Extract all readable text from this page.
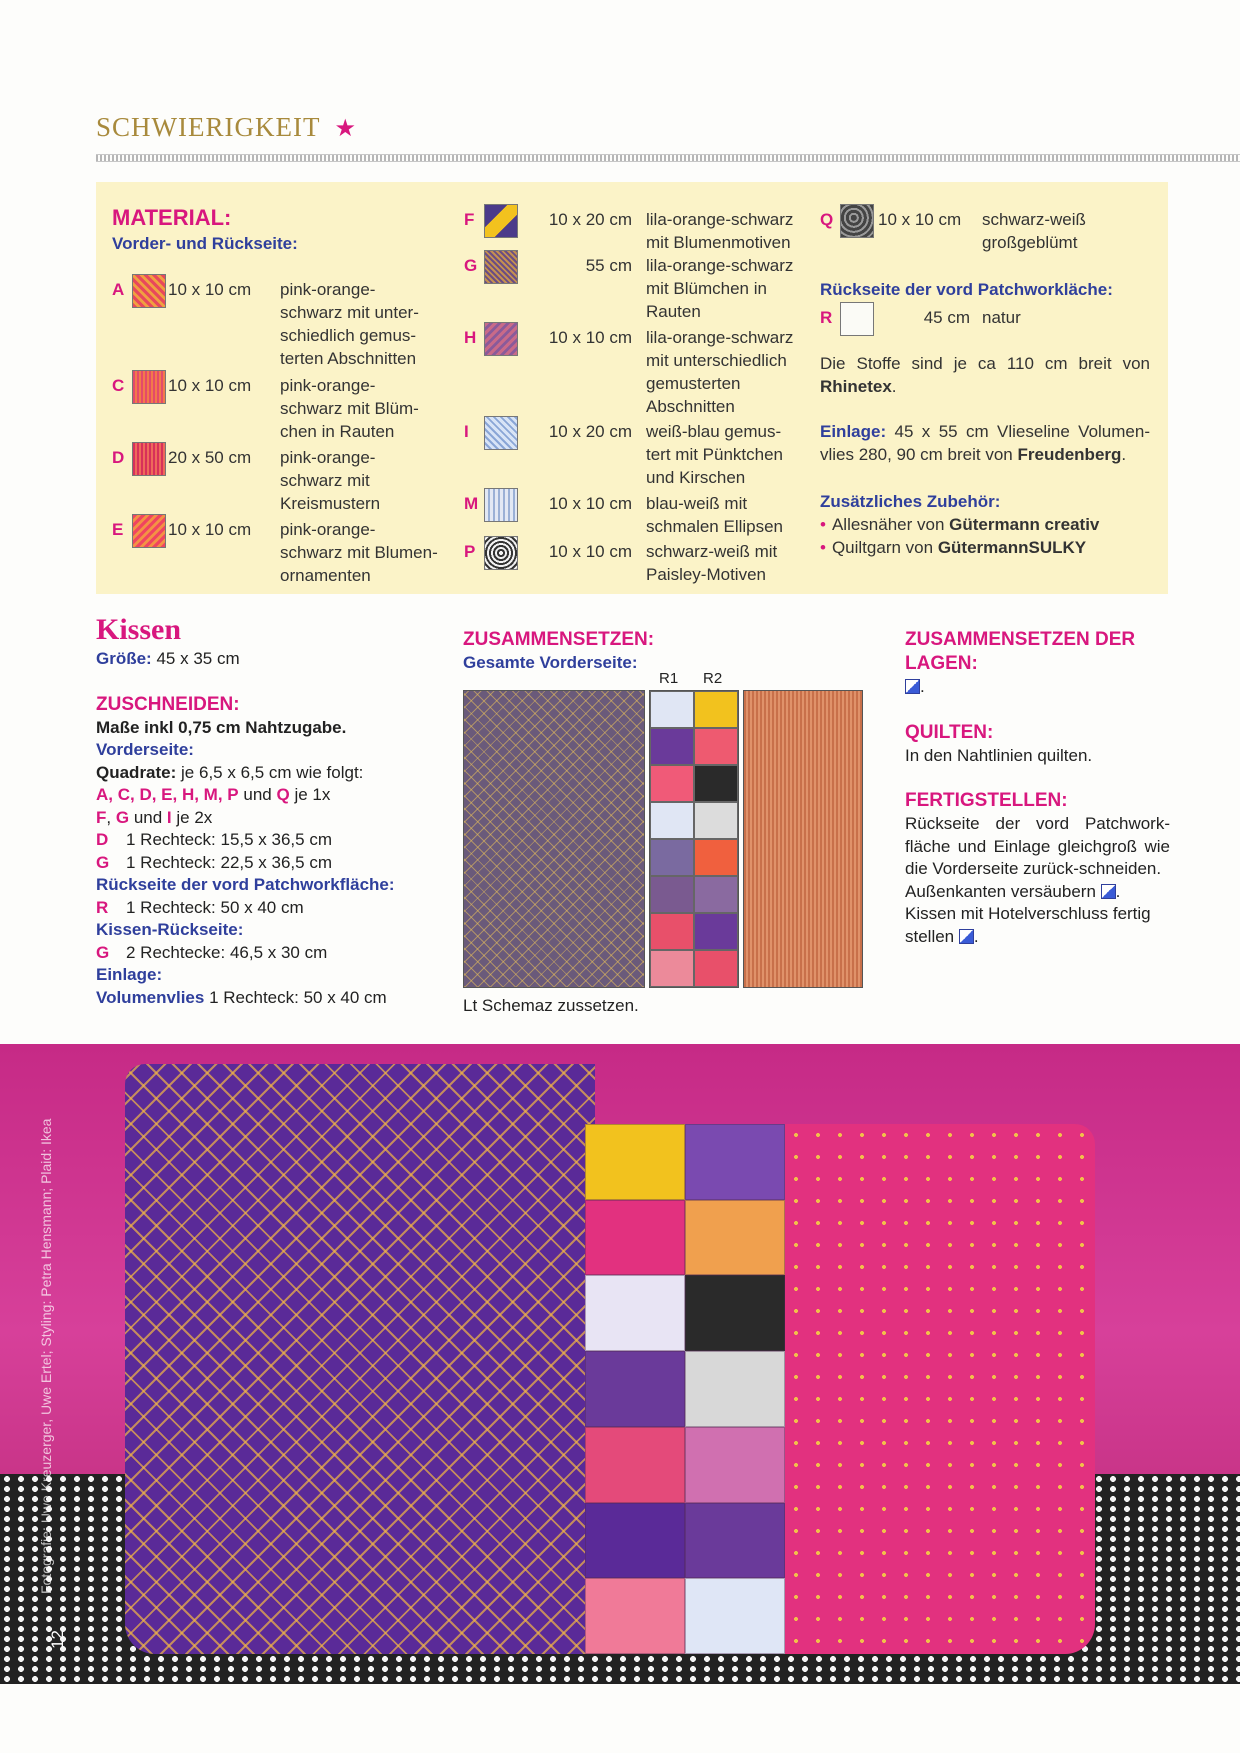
SCHWIERIGKEIT ★
MATERIAL:
Vorder- und Rückseite:
A	10 x 10 cm	pink-orange-
schwarz mit unter-
schiedlich gemus-
terten Abschnitten
C	10 x 10 cm	pink-orange-
schwarz mit Blüm-
chen in Rauten
D	20 x 50 cm	pink-orange-
schwarz mit
Kreismustern
E	10 x 10 cm	pink-orange-
schwarz mit Blumen-
ornamenten
F	10 x 20 cm lila-orange-schwarz
mit Blumenmotiven
G	55 cm lila-orange-schwarz
mit Blümchen in
Rauten
H	10 x 10 cm lila-orange-schwarz
mit unterschiedlich
gemusterten
Abschnitten
I	10 x 20 cm weiß-blau gemus-
tert mit Pünktchen
und Kirschen
M	10 x 10 cm blau-weiß mit
schmalen Ellipsen
P	10 x 10 cm schwarz-weiß mit
Paisley-Motiven
Q	10 x 10 cm	schwarz-weiß
großgeblümt
Rückseite der vord Patchworkläche:
R	45 cm natur
Die Stoffe sind je ca 110 cm breit von Rhinetex.
Einlage: 45 x 55 cm Vlieseline Volumen-vlies 280, 90 cm breit von Freudenberg.
Zusätzliches Zubehör:
• Allesnäher von Gütermann creativ
• Quiltgarn von GütermannSULKY
Kissen
Größe: 45 x 35 cm
ZUSCHNEIDEN:
Maße inkl 0,75 cm Nahtzugabe.
Vorderseite:
Quadrate: je 6,5 x 6,5 cm wie folgt:
A, C, D, E, H, M, P und Q je 1x
F, G und I je 2x
D 1 Rechteck: 15,5 x 36,5 cm
G 1 Rechteck: 22,5 x 36,5 cm
Rückseite der vord Patchworkfläche:
R 1 Rechteck: 50 x 40 cm
Kissen-Rückseite:
G 2 Rechtecke: 46,5 x 30 cm
Einlage:
Volumenvlies 1 Rechteck: 50 x 40 cm
ZUSAMMENSETZEN:
Gesamte Vorderseite:
R1 R2
Lt Schemaz zussetzen.
ZUSAMMENSETZEN DER LAGEN:
.
QUILTEN:
In den Nahtlinien quilten.
FERTIGSTELLEN:
Rückseite der vord Patchwork-fläche und Einlage gleichgroß wie die Vorderseite zurück-schneiden.
Außenkanten versäubern .
Kissen mit Hotelverschluss fertig stellen .
Fotografie: Uwe Kreuzerger, Uwe Ertel; Styling: Petra Hensmann; Plaid: Ikea
12
